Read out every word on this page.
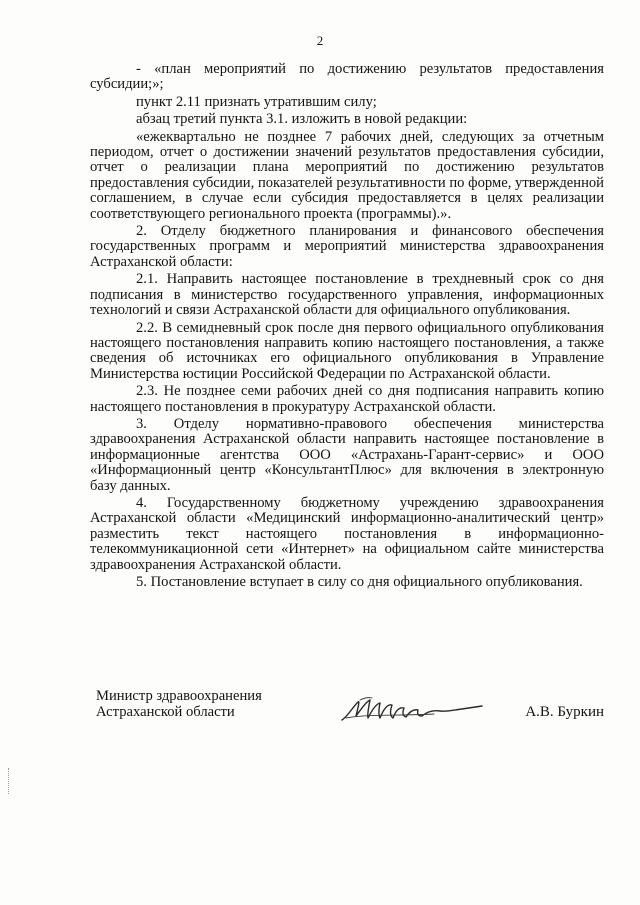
2

- «план мероприятий по достижению результатов предоставления субсидии;»;

пункт 2.11 признать утратившим силу;

абзац третий пункта 3.1. изложить в новой редакции:

«ежеквартально не позднее 7 рабочих дней, следующих за отчетным периодом, отчет о достижении значений результатов предоставления субсидии, отчет о реализации плана мероприятий по достижению результатов предоставления субсидии, показателей результативности по форме, утвержденной соглашением, в случае если субсидия предоставляется в целях реализации соответствующего регионального проекта (программы).».

2. Отделу бюджетного планирования и финансового обеспечения государственных программ и мероприятий министерства здравоохранения Астраханской области:

2.1. Направить настоящее постановление в трехдневный срок со дня подписания в министерство государственного управления, информационных технологий и связи Астраханской области для официального опубликования.

2.2. В семидневный срок после дня первого официального опубликования настоящего постановления направить копию настоящего постановления, а также сведения об источниках его официального опубликования в Управление Министерства юстиции Российской Федерации по Астраханской области.

2.3. Не позднее семи рабочих дней со дня подписания направить копию настоящего постановления в прокуратуру Астраханской области.

3. Отделу нормативно-правового обеспечения министерства здравоохранения Астраханской области направить настоящее постановление в информационные агентства ООО «Астрахань-Гарант-сервис» и ООО «Информационный центр «КонсультантПлюс» для включения в электронную базу данных.

4. Государственному бюджетному учреждению здравоохранения Астраханской области «Медицинский информационно-аналитический центр» разместить текст настоящего постановления в информационно-телекоммуникационной сети «Интернет» на официальном сайте министерства здравоохранения Астраханской области.

5. Постановление вступает в силу со дня официального опубликования.

Министр здравоохранения
Астраханской области	А.В. Буркин
